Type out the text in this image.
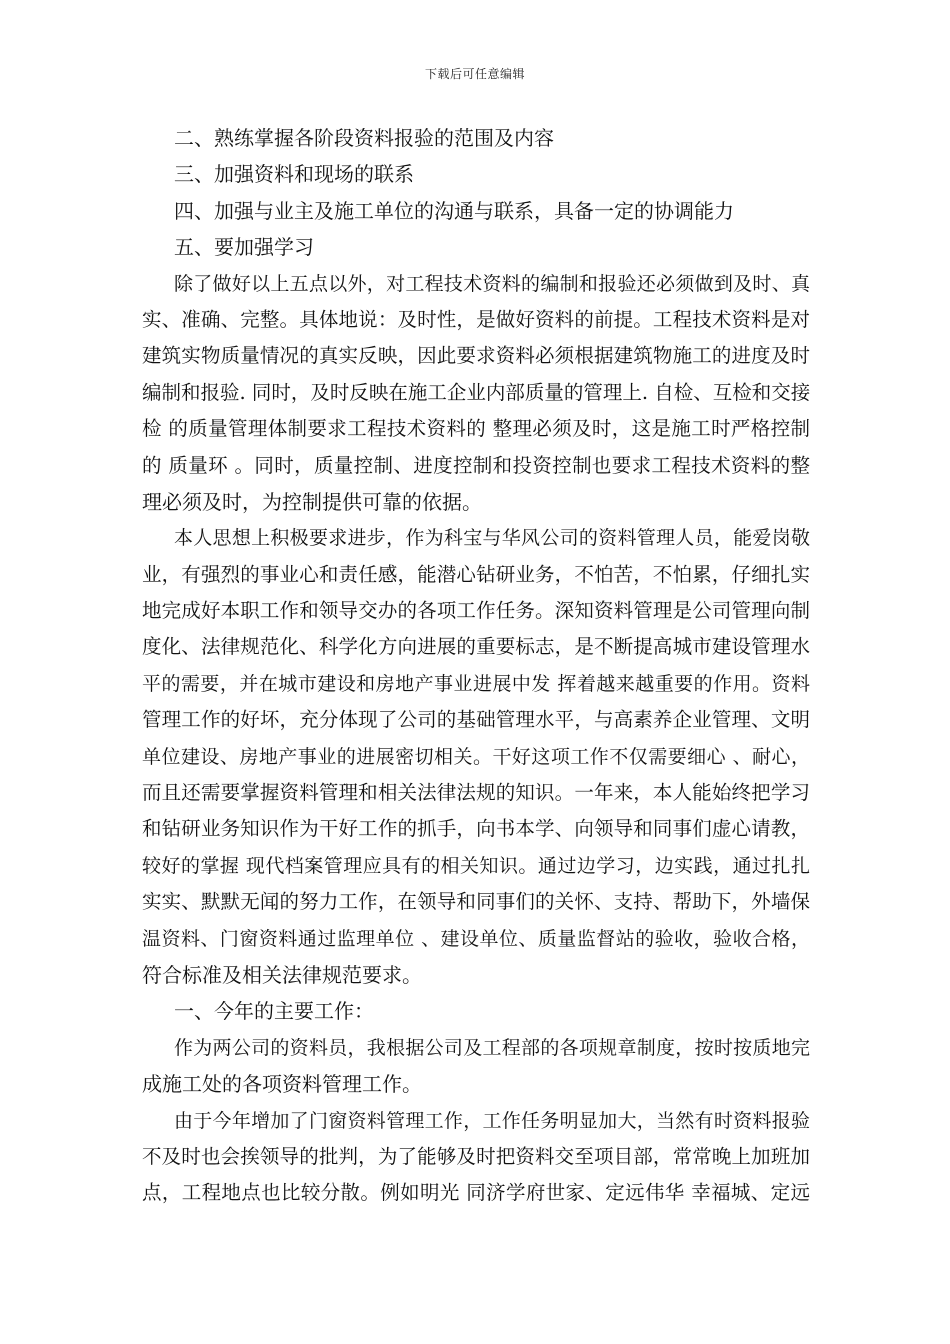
下载后可任意编辑
二、熟练掌握各阶段资料报验的范围及内容
三、加强资料和现场的联系
四、加强与业主及施工单位的沟通与联系，具备一定的协调能力
五、要加强学习
除了做好以上五点以外，对工程技术资料的编制和报验还必须做到及时、真
实、准确、完整。具体地说：及时性，是做好资料的前提。工程技术资料是对
建筑实物质量情况的真实反映，因此要求资料必须根据建筑物施工的进度及时
编制和报验. 同时，及时反映在施工企业内部质量的管理上. 自检、互检和交接
检 的质量管理体制要求工程技术资料的 整理必须及时，这是施工时严格控制
的 质量环 。同时，质量控制、进度控制和投资控制也要求工程技术资料的整
理必须及时，为控制提供可靠的依据。
本人思想上积极要求进步，作为科宝与华风公司的资料管理人员，能爱岗敬
业，有强烈的事业心和责任感，能潜心钻研业务，不怕苦，不怕累，仔细扎实
地完成好本职工作和领导交办的各项工作任务。深知资料管理是公司管理向制
度化、法律规范化、科学化方向进展的重要标志，是不断提高城市建设管理水
平的需要，并在城市建设和房地产事业进展中发 挥着越来越重要的作用。资料
管理工作的好坏，充分体现了公司的基础管理水平，与高素养企业管理、文明
单位建设、房地产事业的进展密切相关。干好这项工作不仅需要细心 、耐心，
而且还需要掌握资料管理和相关法律法规的知识。一年来，本人能始终把学习
和钻研业务知识作为干好工作的抓手，向书本学、向领导和同事们虚心请教，
较好的掌握 现代档案管理应具有的相关知识。通过边学习，边实践，通过扎扎
实实、默默无闻的努力工作，在领导和同事们的关怀、支持、帮助下，外墙保
温资料、门窗资料通过监理单位 、建设单位、质量监督站的验收，验收合格，
符合标准及相关法律规范要求。
一、今年的主要工作：
作为两公司的资料员，我根据公司及工程部的各项规章制度，按时按质地完
成施工处的各项资料管理工作。
由于今年增加了门窗资料管理工作，工作任务明显加大，当然有时资料报验
不及时也会挨领导的批判，为了能够及时把资料交至项目部，常常晚上加班加
点，工程地点也比较分散。例如明光 同济学府世家、定远伟华 幸福城、定远
